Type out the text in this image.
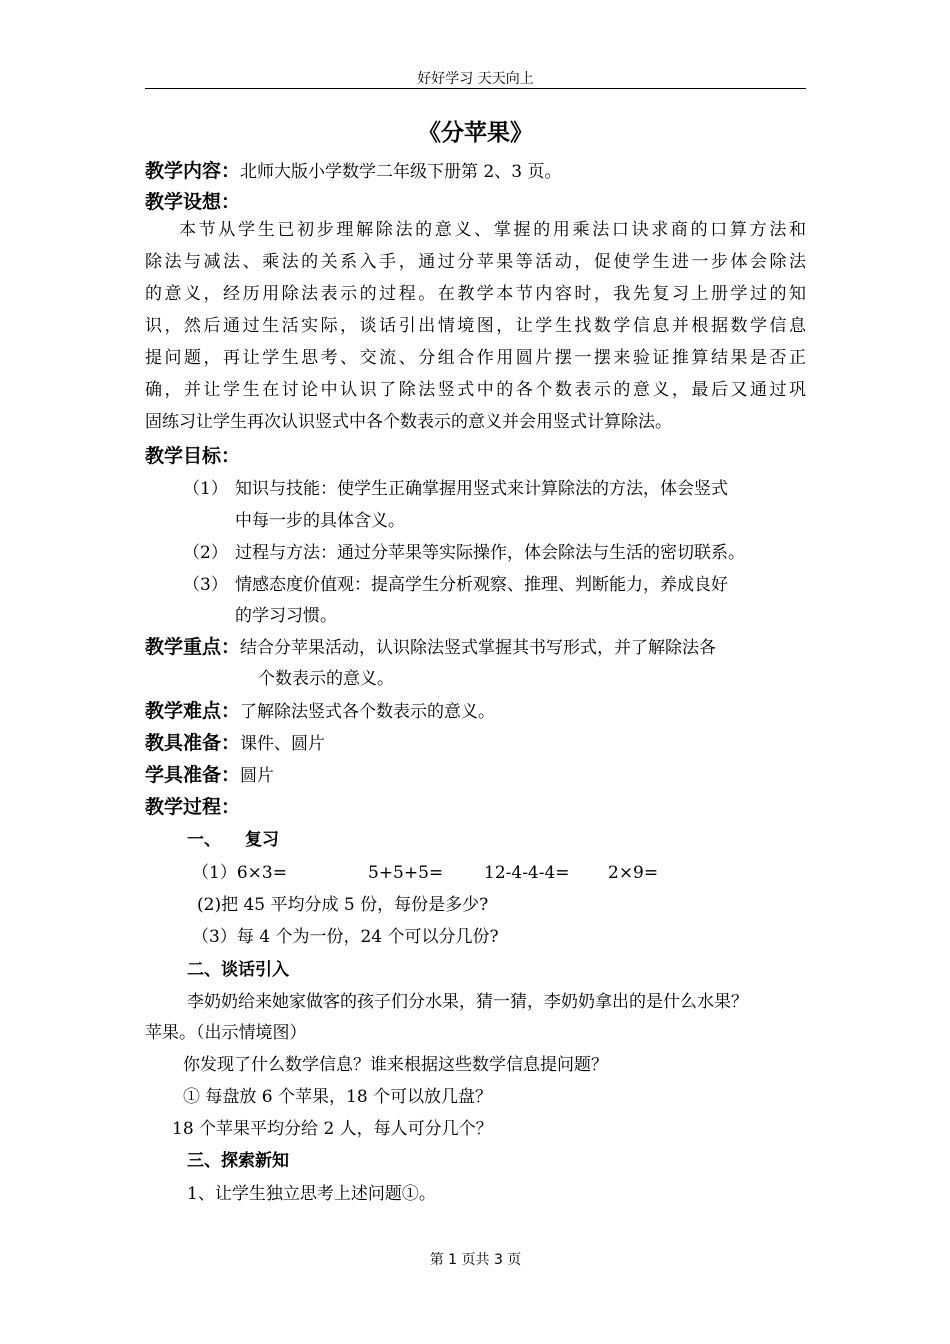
好好学习 天天向上
《分苹果》
教学内容：北师大版小学数学二年级下册第 2、3 页。
教学设想：

本节从学生已初步理解除法的意义、掌握的用乘法口诀求商的口算方法和

除法与减法、乘法的关系入手，通过分苹果等活动，促使学生进一步体会除法

的意义，经历用除法表示的过程。在教学本节内容时，我先复习上册学过的知

识，然后通过生活实际，谈话引出情境图，让学生找数学信息并根据数学信息

提问题，再让学生思考、交流、分组合作用圆片摆一摆来验证推算结果是否正

确，并让学生在讨论中认识了除法竖式中的各个数表示的意义，最后又通过巩

固练习让学生再次认识竖式中各个数表示的意义并会用竖式计算除法。

教学目标：
（1） 知识与技能：使学生正确掌握用竖式来计算除法的方法，体会竖式
中每一步的具体含义。
（2） 过程与方法：通过分苹果等实际操作，体会除法与生活的密切联系。
（3） 情感态度价值观：提高学生分析观察、推理、判断能力，养成良好
的学习习惯。
教学重点：结合分苹果活动，认识除法竖式掌握其书写形式，并了解除法各
个数表示的意义。
教学难点：了解除法竖式各个数表示的意义。
教具准备：课件、圆片
学具准备：圆片
教学过程：
一、 复习
（1）6×3=	5+5+5= 12-4-4-4= 2×9=
(2)把 45 平均分成 5 份，每份是多少?
（3）每 4 个为一份，24 个可以分几份?
二、谈话引入
李奶奶给来她家做客的孩子们分水果，猜一猜，李奶奶拿出的是什么水果？
苹果。（出示情境图）
你发现了什么数学信息？谁来根据这些数学信息提问题？
① 每盘放 6 个苹果，18 个可以放几盘？
18 个苹果平均分给 2 人，每人可分几个？
三、探索新知
1、让学生独立思考上述问题①。
第 1 页共 3 页
